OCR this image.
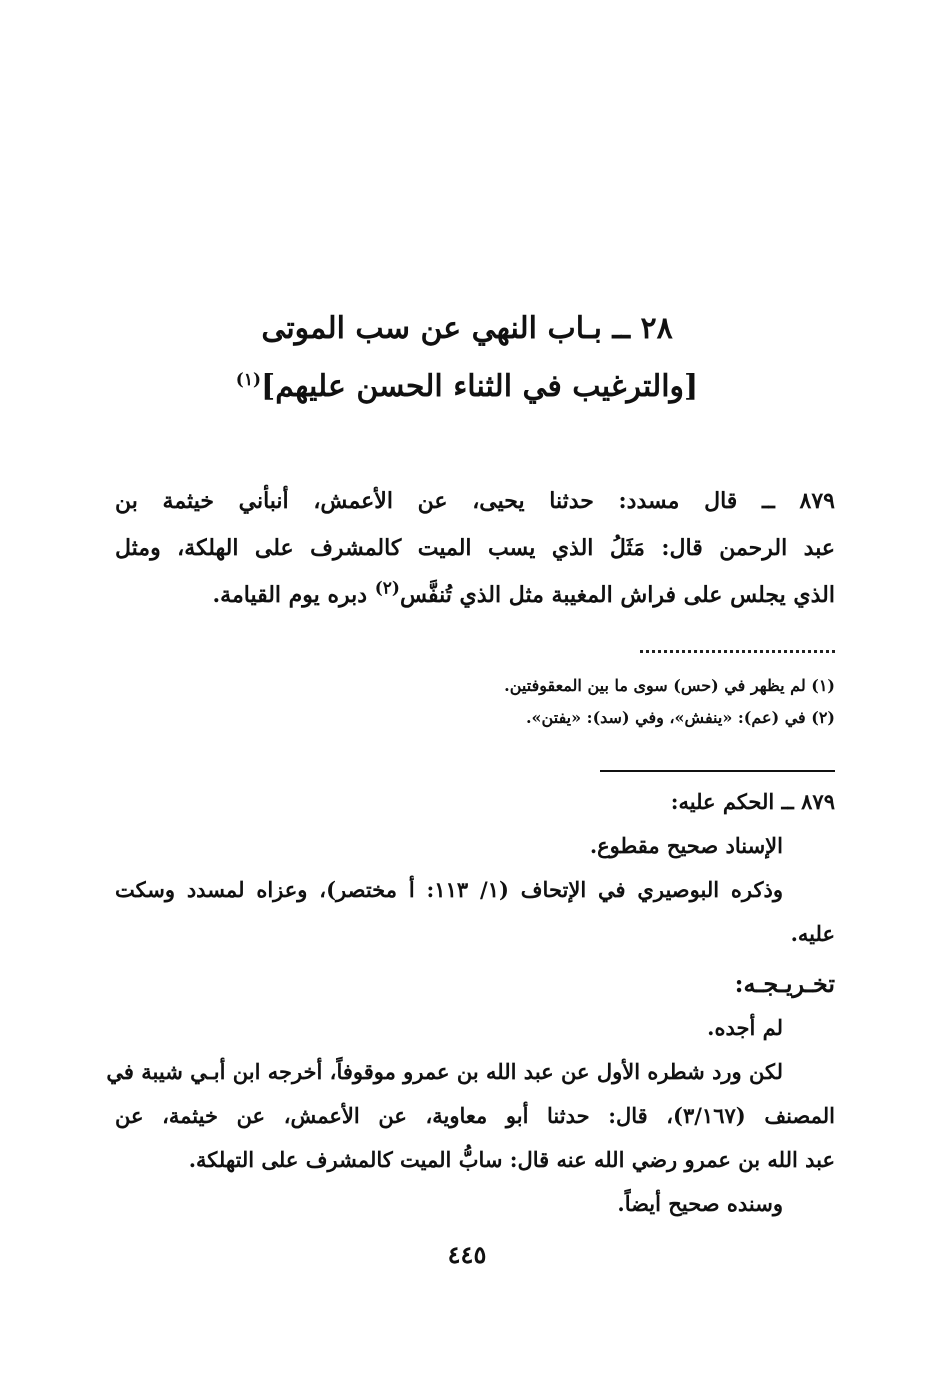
٢٨ ــ بـاب النهي عن سب الموتى
[والترغيب في الثناء الحسن عليهم]$^{(١)}$
٨٧٩ ــ قال مسدد: حدثنا يحيى، عن الأعمش، أنبأني خيثمة بن
عبد الرحمن قال: مَثَلُ الذي يسب الميت كالمشرف على الهلكة، ومثل
الذي يجلس على فراش المغيبة مثل الذي تُنفَّس$^{(٢)}$ دبره يوم القيامة.
(١) لم يظهر في (حس) سوى ما بين المعقوفتين.
(٢) في (عم): «ينفش»، وفي (سد): «يفتن».
٨٧٩ ــ الحكم عليه:
الإسناد صحيح مقطوع.
وذكره البوصيري في الإتحاف (١/ ١١٣: أ مختصر)، وعزاه لمسدد وسكت
عليه.
تخـريـجـه:
لم أجده.
لكن ورد شطره الأول عن عبد الله بن عمرو موقوفاً، أخرجه ابن أبـي شيبة في
المصنف (٣/١٦٧)، قال: حدثنا أبو معاوية، عن الأعمش، عن خيثمة، عن
عبد الله بن عمرو رضي الله عنه قال: سابُّ الميت كالمشرف على التهلكة.
وسنده صحيح أيضاً.
٤٤٥
